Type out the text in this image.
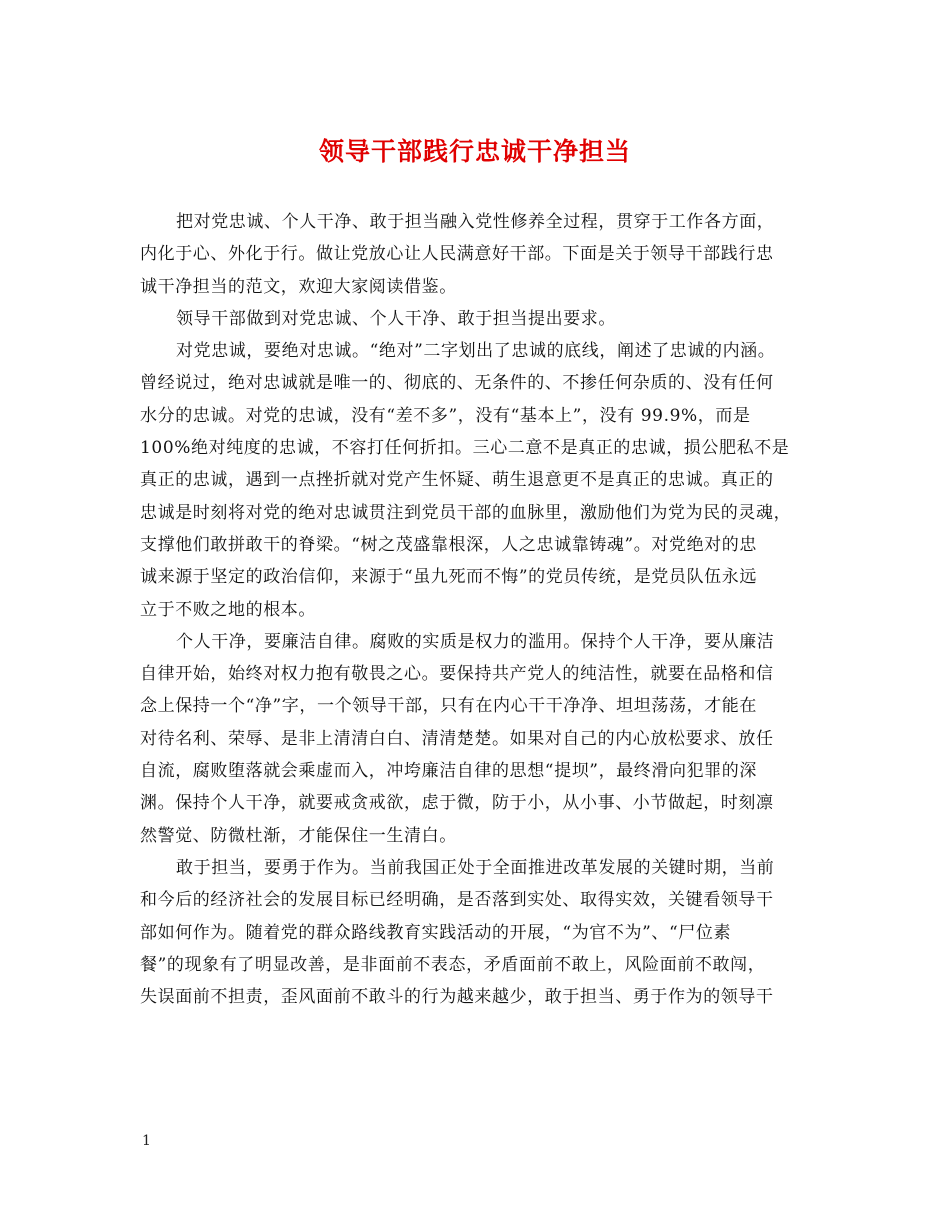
领导干部践行忠诚干净担当
把对党忠诚、个人干净、敢于担当融入党性修养全过程，贯穿于工作各方面，
内化于心、外化于行。做让党放心让人民满意好干部。下面是关于领导干部践行忠
诚干净担当的范文，欢迎大家阅读借鉴。
领导干部做到对党忠诚、个人干净、敢于担当提出要求。
对党忠诚，要绝对忠诚。“绝对”二字划出了忠诚的底线，阐述了忠诚的内涵。
曾经说过，绝对忠诚就是唯一的、彻底的、无条件的、不掺任何杂质的、没有任何
水分的忠诚。对党的忠诚，没有“差不多”，没有“基本上”，没有 99.9%，而是
100%绝对纯度的忠诚，不容打任何折扣。三心二意不是真正的忠诚，损公肥私不是
真正的忠诚，遇到一点挫折就对党产生怀疑、萌生退意更不是真正的忠诚。真正的
忠诚是时刻将对党的绝对忠诚贯注到党员干部的血脉里，激励他们为党为民的灵魂，
支撑他们敢拼敢干的脊梁。“树之茂盛靠根深，人之忠诚靠铸魂”。对党绝对的忠
诚来源于坚定的政治信仰，来源于“虽九死而不悔”的党员传统，是党员队伍永远
立于不败之地的根本。
个人干净，要廉洁自律。腐败的实质是权力的滥用。保持个人干净，要从廉洁
自律开始，始终对权力抱有敬畏之心。要保持共产党人的纯洁性，就要在品格和信
念上保持一个“净”字，一个领导干部，只有在内心干干净净、坦坦荡荡，才能在
对待名利、荣辱、是非上清清白白、清清楚楚。如果对自己的内心放松要求、放任
自流，腐败堕落就会乘虚而入，冲垮廉洁自律的思想“提坝”，最终滑向犯罪的深
渊。保持个人干净，就要戒贪戒欲，虑于微，防于小，从小事、小节做起，时刻凛
然警觉、防微杜渐，才能保住一生清白。
敢于担当，要勇于作为。当前我国正处于全面推进改革发展的关键时期，当前
和今后的经济社会的发展目标已经明确，是否落到实处、取得实效，关键看领导干
部如何作为。随着党的群众路线教育实践活动的开展，“为官不为”、“尸位素
餐”的现象有了明显改善，是非面前不表态，矛盾面前不敢上，风险面前不敢闯，
失误面前不担责，歪风面前不敢斗的行为越来越少，敢于担当、勇于作为的领导干
1
